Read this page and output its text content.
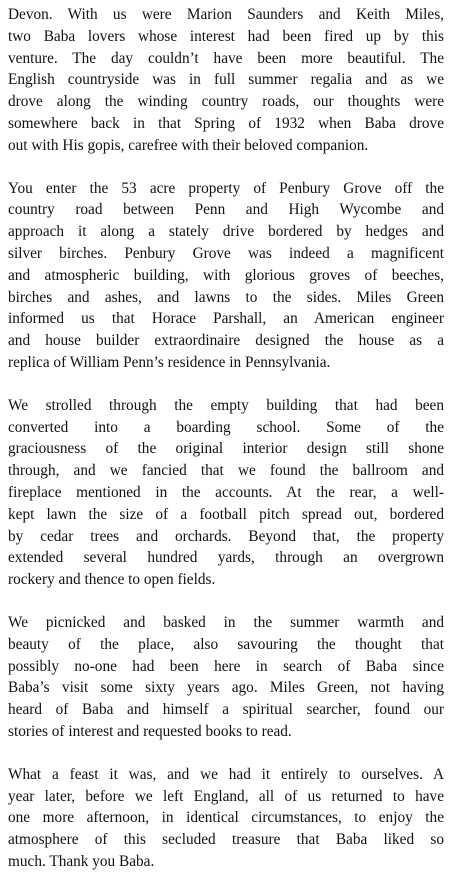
Devon. With us were Marion Saunders and Keith Miles,
two Baba lovers whose interest had been fired up by this
venture. The day couldn’t have been more beautiful. The
English countryside was in full summer regalia and as we
drove along the winding country roads, our thoughts were
somewhere back in that Spring of 1932 when Baba drove
out with His gopis, carefree with their beloved companion.

You enter the 53 acre property of Penbury Grove off the
country road between Penn and High Wycombe and
approach it along a stately drive bordered by hedges and
silver birches. Penbury Grove was indeed a magnificent
and atmospheric building, with glorious groves of beeches,
birches and ashes, and lawns to the sides. Miles Green
informed us that Horace Parshall, an American engineer
and house builder extraordinaire designed the house as a
replica of William Penn’s residence in Pennsylvania.

We strolled through the empty building that had been
converted into a boarding school. Some of the
graciousness of the original interior design still shone
through, and we fancied that we found the ballroom and
fireplace mentioned in the accounts. At the rear, a well-
kept lawn the size of a football pitch spread out, bordered
by cedar trees and orchards. Beyond that, the property
extended several hundred yards, through an overgrown
rockery and thence to open fields.

We picnicked and basked in the summer warmth and
beauty of the place, also savouring the thought that
possibly no-one had been here in search of Baba since
Baba’s visit some sixty years ago. Miles Green, not having
heard of Baba and himself a spiritual searcher, found our
stories of interest and requested books to read.

What a feast it was, and we had it entirely to ourselves. A
year later, before we left England, all of us returned to have
one more afternoon, in identical circumstances, to enjoy the
atmosphere of this secluded treasure that Baba liked so
much. Thank you Baba.
